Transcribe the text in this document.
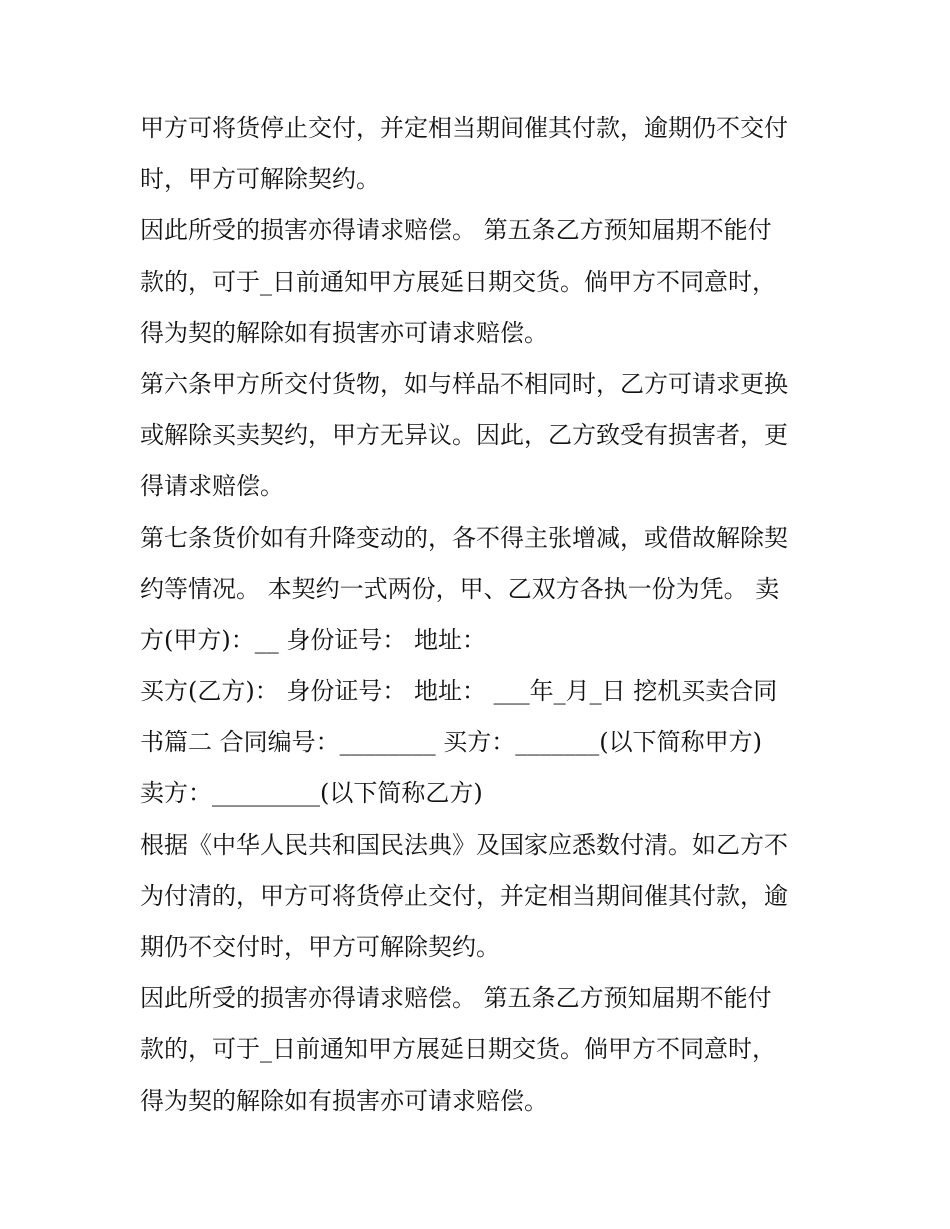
甲方可将货停止交付，并定相当期间催其付款，逾期仍不交付
时，甲方可解除契约。
因此所受的损害亦得请求赔偿。 第五条乙方预知届期不能付
款的，可于_日前通知甲方展延日期交货。倘甲方不同意时，
得为契的解除如有损害亦可请求赔偿。
第六条甲方所交付货物，如与样品不相同时，乙方可请求更换
或解除买卖契约，甲方无异议。因此，乙方致受有损害者，更
得请求赔偿。
第七条货价如有升降变动的，各不得主张增减，或借故解除契
约等情况。 本契约一式两份，甲、乙双方各执一份为凭。 卖
方(甲方)：__ 身份证号： 地址：
买方(乙方)： 身份证号： 地址： ___年_月_日 挖机买卖合同
书篇二 合同编号：________ 买方：_______(以下简称甲方)
卖方：_________(以下简称乙方)
根据《中华人民共和国民法典》及国家应悉数付清。如乙方不
为付清的，甲方可将货停止交付，并定相当期间催其付款，逾
期仍不交付时，甲方可解除契约。
因此所受的损害亦得请求赔偿。 第五条乙方预知届期不能付
款的，可于_日前通知甲方展延日期交货。倘甲方不同意时，
得为契的解除如有损害亦可请求赔偿。
